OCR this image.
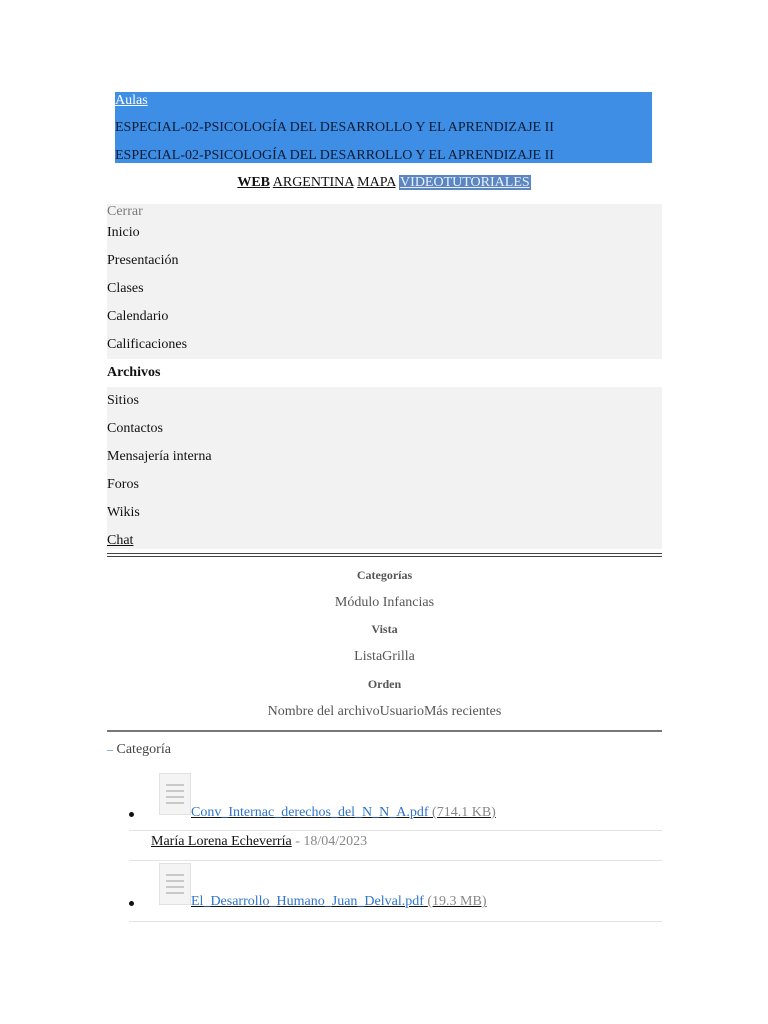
Aulas
ESPECIAL-02-PSICOLOGÍA DEL DESARROLLO Y EL APRENDIZAJE II
ESPECIAL-02-PSICOLOGÍA DEL DESARROLLO Y EL APRENDIZAJE II
WEB ARGENTINA MAPA VIDEOTUTORIALES
Cerrar
Inicio
Presentación
Clases
Calendario
Calificaciones
Archivos
Sitios
Contactos
Mensajería interna
Foros
Wikis
Chat
Categorías
Módulo Infancias
Vista
ListaGrilla
Orden
Nombre del archivoUsuarioMás recientes
– Categoría
Conv_Internac_derechos_del_N_N_A.pdf (714.1 KB)
María Lorena Echeverría - 18/04/2023
El_Desarrollo_Humano_Juan_Delval.pdf (19.3 MB)
